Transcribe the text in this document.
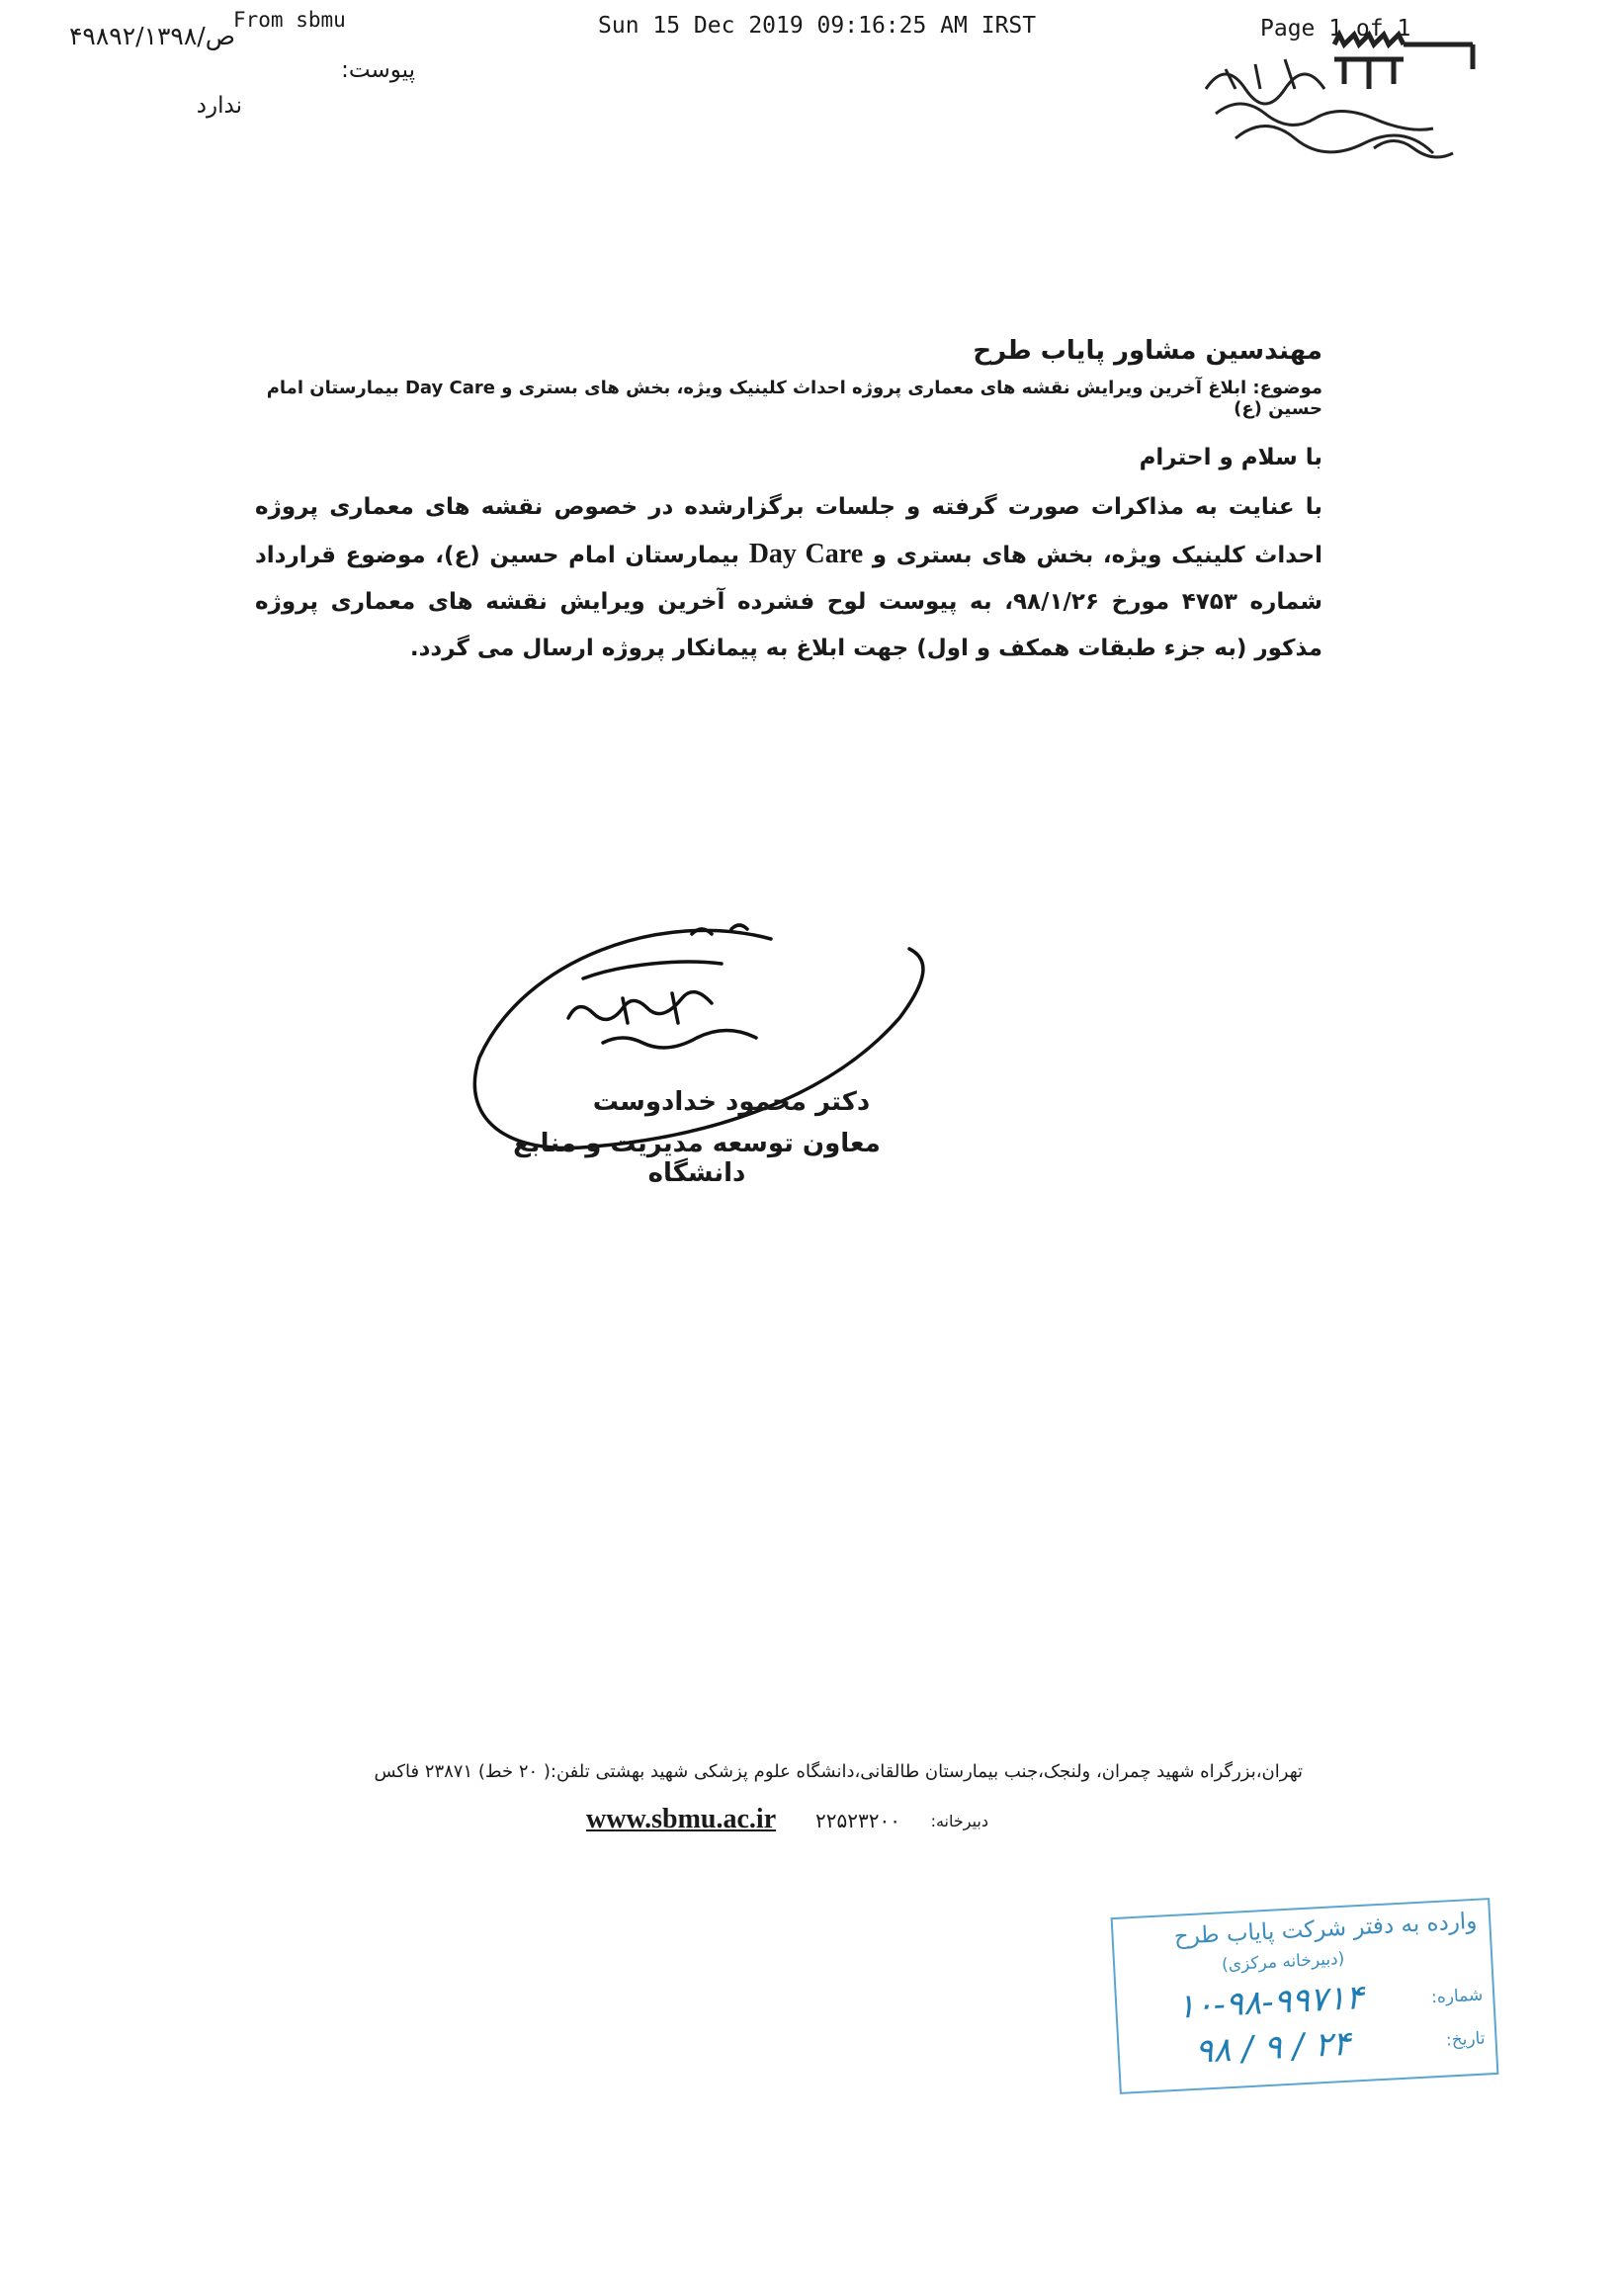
From sbmu	Sun 15 Dec 2019 09:16:25 AM IRST	Page 1 of 1
۴۹۸۹۲/ص/۱۳۹۸
پیوست:
ندارد
مهندسین مشاور پایاب طرح
موضوع: ابلاغ آخرین ویرایش نقشه های معماری پروژه احداث کلینیک ویژه، بخش های بستری و Day Care بیمارستان امام حسین (ع)
با سلام و احترام
با عنایت به مذاکرات صورت گرفته و جلسات برگزارشده در خصوص نقشه های معماری پروژه احداث کلینیک ویژه، بخش های بستری و Day Care بیمارستان امام حسین (ع)، موضوع قرارداد شماره ۴۷۵۳ مورخ ۹۸/۱/۲۶، به پیوست لوح فشرده آخرین ویرایش نقشه های معماری پروژه مذکور (به جزء طبقات همکف و اول) جهت ابلاغ به پیمانکار پروژه ارسال می گردد.
دکتر محمود خدادوست
معاون توسعه مدیریت و منابع دانشگاه
تهران،بزرگراه شهید چمران، ولنجک،جنب بیمارستان طالقانی،دانشگاه علوم پزشکی شهید بهشتی تلفن:( ۲۰ خط) ۲۳۸۷۱ فاکس
دبیرخانه:
۲۲۵۲۳۲۰۰
www.sbmu.ac.ir
وارده به دفتر شرکت پایاب طرح
(دبیرخانه مرکزی)
شماره:
۱۰-۹۸-۹۹۷۱۴
تاریخ:
۹۸ / ۹ / ۲۴
